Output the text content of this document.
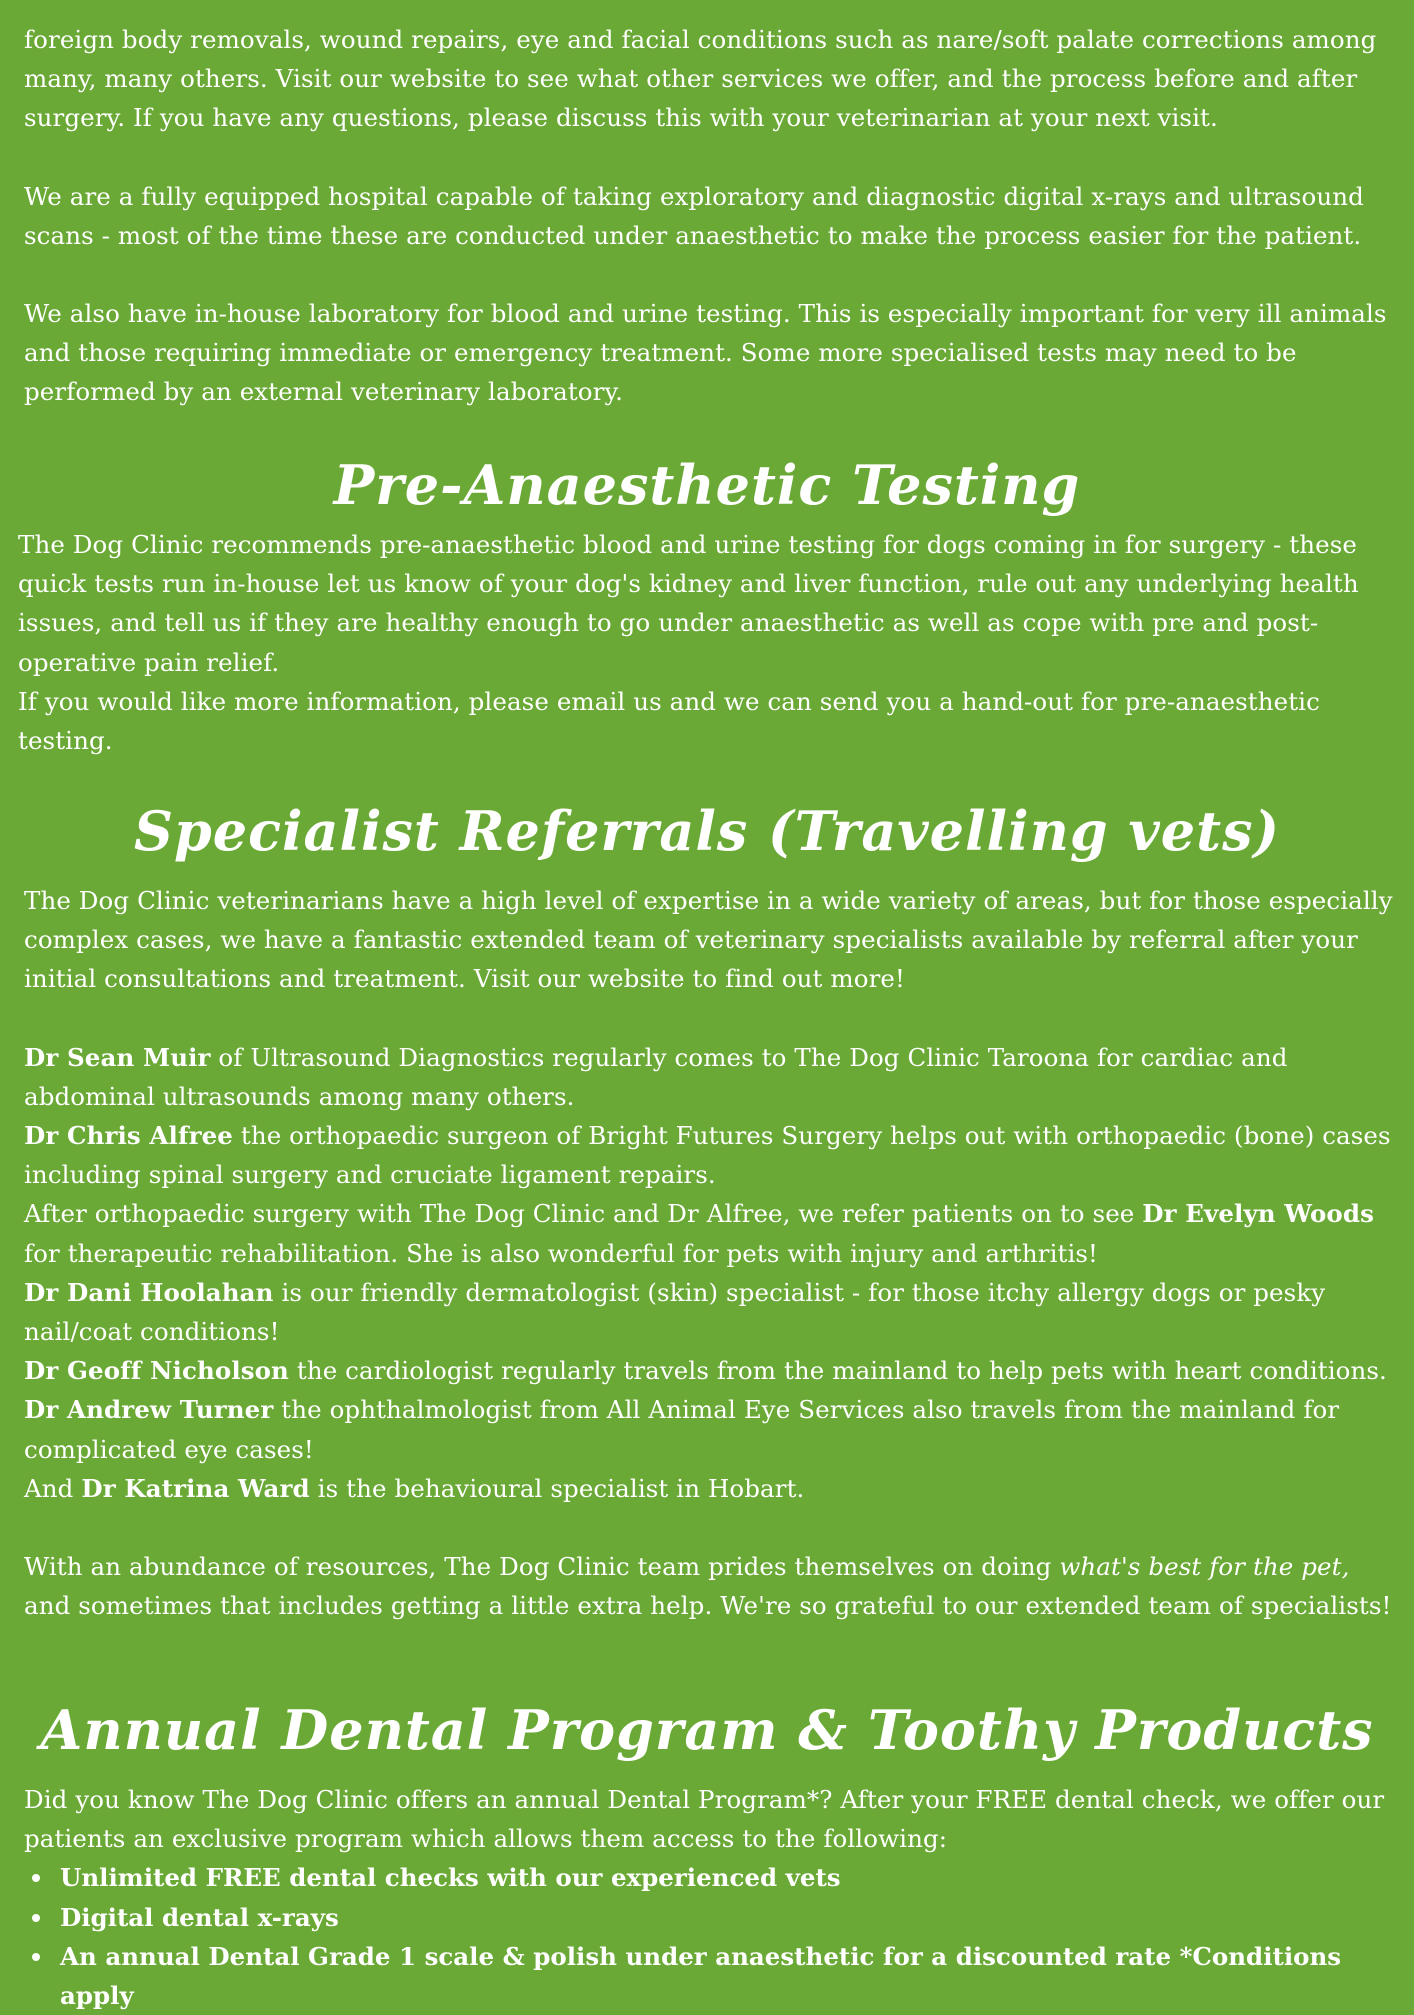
foreign body removals, wound repairs, eye and facial conditions such as nare/soft palate corrections among many, many others. Visit our website to see what other services we offer, and the process before and after surgery. If you have any questions, please discuss this with your veterinarian at your next visit.

We are a fully equipped hospital capable of taking exploratory and diagnostic digital x-rays and ultrasound scans - most of the time these are conducted under anaesthetic to make the process easier for the patient.

We also have in-house laboratory for blood and urine testing. This is especially important for very ill animals and those requiring immediate or emergency treatment. Some more specialised tests may need to be performed by an external veterinary laboratory.

Pre-Anaesthetic Testing

The Dog Clinic recommends pre-anaesthetic blood and urine testing for dogs coming in for surgery - these quick tests run in-house let us know of your dog's kidney and liver function, rule out any underlying health issues, and tell us if they are healthy enough to go under anaesthetic as well as cope with pre and post-operative pain relief.

If you would like more information, please email us and we can send you a hand-out for pre-anaesthetic testing.

Specialist Referrals (Travelling vets)

The Dog Clinic veterinarians have a high level of expertise in a wide variety of areas, but for those especially complex cases, we have a fantastic extended team of veterinary specialists available by referral after your initial consultations and treatment. Visit our website to find out more!

Dr Sean Muir of Ultrasound Diagnostics regularly comes to The Dog Clinic Taroona for cardiac and abdominal ultrasounds among many others.

Dr Chris Alfree the orthopaedic surgeon of Bright Futures Surgery helps out with orthopaedic (bone) cases including spinal surgery and cruciate ligament repairs.

After orthopaedic surgery with The Dog Clinic and Dr Alfree, we refer patients on to see Dr Evelyn Woods for therapeutic rehabilitation. She is also wonderful for pets with injury and arthritis!

Dr Dani Hoolahan is our friendly dermatologist (skin) specialist - for those itchy allergy dogs or pesky nail/coat conditions!

Dr Geoff Nicholson the cardiologist regularly travels from the mainland to help pets with heart conditions.

Dr Andrew Turner the ophthalmologist from All Animal Eye Services also travels from the mainland for complicated eye cases!

And Dr Katrina Ward is the behavioural specialist in Hobart.

With an abundance of resources, The Dog Clinic team prides themselves on doing what's best for the pet, and sometimes that includes getting a little extra help. We're so grateful to our extended team of specialists!

Annual Dental Program & Toothy Products

Did you know The Dog Clinic offers an annual Dental Program*? After your FREE dental check, we offer our patients an exclusive program which allows them access to the following:

Unlimited FREE dental checks with our experienced vets
Digital dental x-rays
An annual Dental Grade 1 scale & polish under anaesthetic for a discounted rate *Conditions apply
